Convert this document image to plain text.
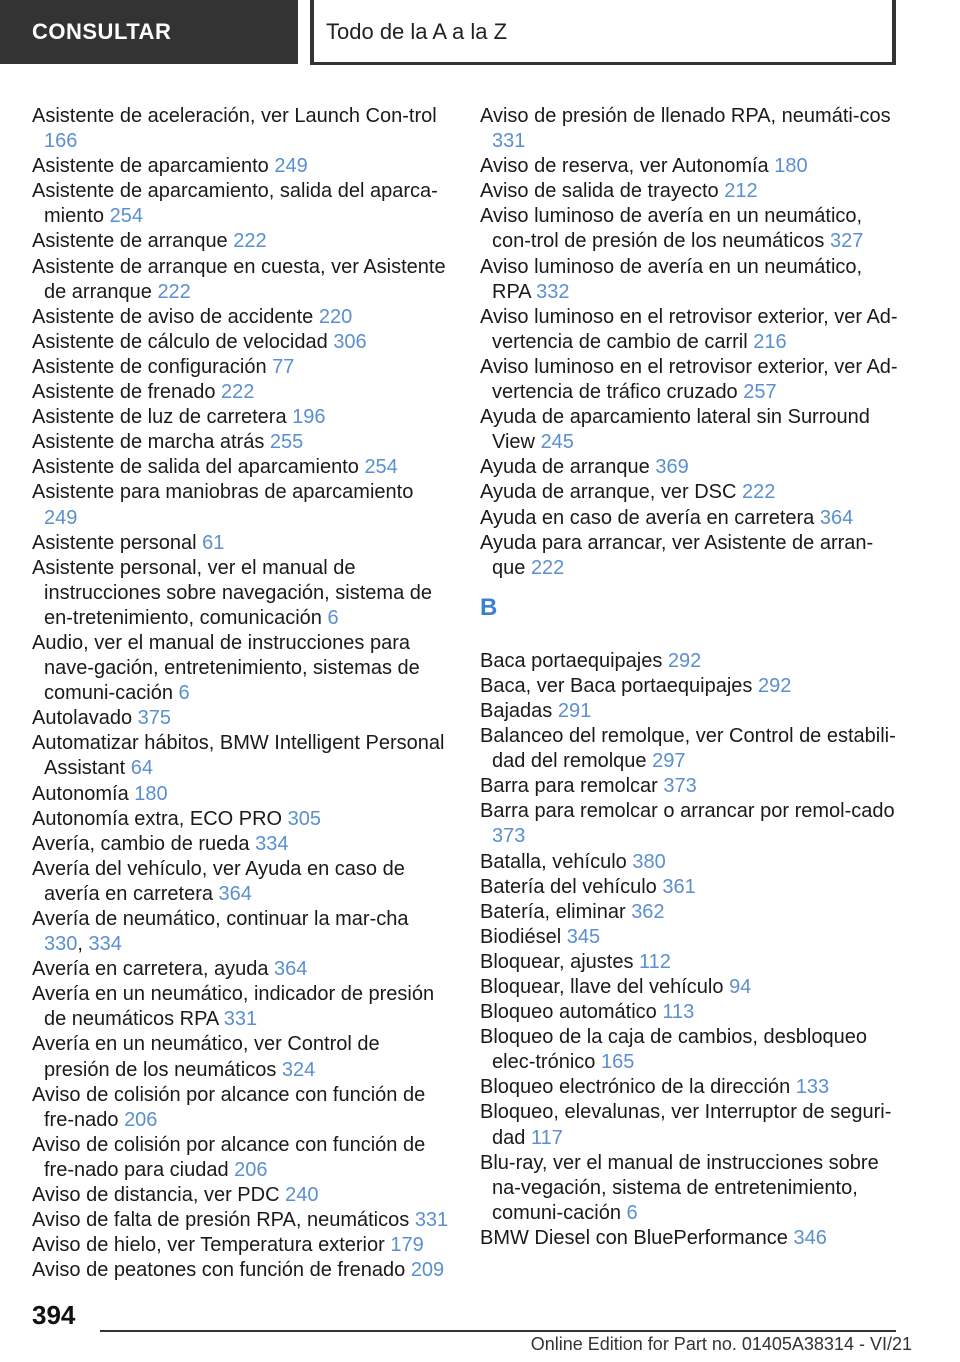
CONSULTAR	Todo de la A a la Z
Asistente de aceleración, ver Launch Con-trol 166
Asistente de aparcamiento 249
Asistente de aparcamiento, salida del aparca-miento 254
Asistente de arranque 222
Asistente de arranque en cuesta, ver Asistente de arranque 222
Asistente de aviso de accidente 220
Asistente de cálculo de velocidad 306
Asistente de configuración 77
Asistente de frenado 222
Asistente de luz de carretera 196
Asistente de marcha atrás 255
Asistente de salida del aparcamiento 254
Asistente para maniobras de aparcamiento 249
Asistente personal 61
Asistente personal, ver el manual de instrucciones sobre navegación, sistema de en-tretenimiento, comunicación 6
Audio, ver el manual de instrucciones para nave-gación, entretenimiento, sistemas de comuni-cación 6
Autolavado 375
Automatizar hábitos, BMW Intelligent Personal Assistant 64
Autonomía 180
Autonomía extra, ECO PRO 305
Avería, cambio de rueda 334
Avería del vehículo, ver Ayuda en caso de avería en carretera 364
Avería de neumático, continuar la mar-cha 330, 334
Avería en carretera, ayuda 364
Avería en un neumático, indicador de presión de neumáticos RPA 331
Avería en un neumático, ver Control de presión de los neumáticos 324
Aviso de colisión por alcance con función de fre-nado 206
Aviso de colisión por alcance con función de fre-nado para ciudad 206
Aviso de distancia, ver PDC 240
Aviso de falta de presión RPA, neumáticos 331
Aviso de hielo, ver Temperatura exterior 179
Aviso de peatones con función de frenado 209
Aviso de presión de llenado RPA, neumáti-cos 331
Aviso de reserva, ver Autonomía 180
Aviso de salida de trayecto 212
Aviso luminoso de avería en un neumático, con-trol de presión de los neumáticos 327
Aviso luminoso de avería en un neumático, RPA 332
Aviso luminoso en el retrovisor exterior, ver Ad-vertencia de cambio de carril 216
Aviso luminoso en el retrovisor exterior, ver Ad-vertencia de tráfico cruzado 257
Ayuda de aparcamiento lateral sin Surround View 245
Ayuda de arranque 369
Ayuda de arranque, ver DSC 222
Ayuda en caso de avería en carretera 364
Ayuda para arrancar, ver Asistente de arran-que 222
B
Baca portaequipajes 292
Baca, ver Baca portaequipajes 292
Bajadas 291
Balanceo del remolque, ver Control de estabili-dad del remolque 297
Barra para remolcar 373
Barra para remolcar o arrancar por remol-cado 373
Batalla, vehículo 380
Batería del vehículo 361
Batería, eliminar 362
Biodiésel 345
Bloquear, ajustes 112
Bloquear, llave del vehículo 94
Bloqueo automático 113
Bloqueo de la caja de cambios, desbloqueo elec-trónico 165
Bloqueo electrónico de la dirección 133
Bloqueo, elevalunas, ver Interruptor de seguri-dad 117
Blu-ray, ver el manual de instrucciones sobre na-vegación, sistema de entretenimiento, comuni-cación 6
BMW Diesel con BluePerformance 346
394
Online Edition for Part no. 01405A38314 - VI/21
